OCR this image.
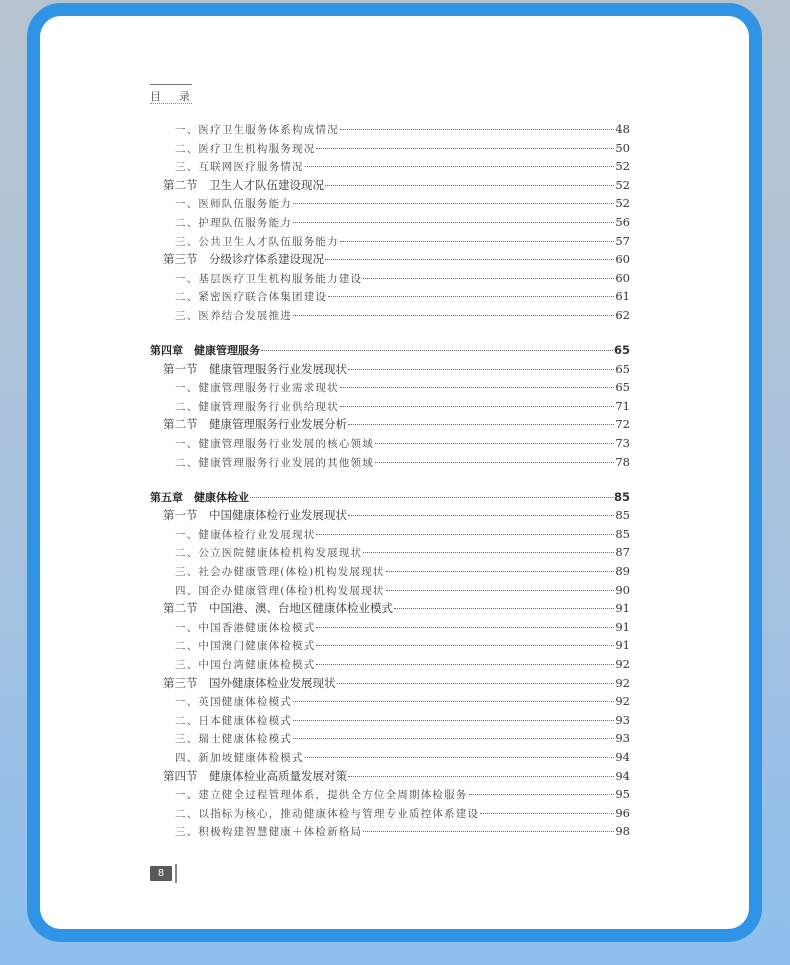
目 录
一、医疗卫生服务体系构成情况	48
二、医疗卫生机构服务现况	50
三、互联网医疗服务情况	52
第二节　卫生人才队伍建设现况	52
一、医师队伍服务能力	52
二、护理队伍服务能力	56
三、公共卫生人才队伍服务能力	57
第三节　分级诊疗体系建设现况	60
一、基层医疗卫生机构服务能力建设	60
二、紧密医疗联合体集团建设	61
三、医养结合发展推进	62
第四章　健康管理服务	65
第一节　健康管理服务行业发展现状	65
一、健康管理服务行业需求现状	65
二、健康管理服务行业供给现状	71
第二节　健康管理服务行业发展分析	72
一、健康管理服务行业发展的核心领域	73
二、健康管理服务行业发展的其他领域	78
第五章　健康体检业	85
第一节　中国健康体检行业发展现状	85
一、健康体检行业发展现状	85
二、公立医院健康体检机构发展现状	87
三、社会办健康管理(体检)机构发展现状	89
四、国企办健康管理(体检)机构发展现状	90
第二节　中国港、澳、台地区健康体检业模式	91
一、中国香港健康体检模式	91
二、中国澳门健康体检模式	91
三、中国台湾健康体检模式	92
第三节　国外健康体检业发展现状	92
一、英国健康体检模式	92
二、日本健康体检模式	93
三、瑞士健康体检模式	93
四、新加坡健康体检模式	94
第四节　健康体检业高质量发展对策	94
一、建立健全过程管理体系，提供全方位全周期体检服务	95
二、以指标为核心，推动健康体检与管理专业质控体系建设	96
三、积极构建智慧健康＋体检新格局	98
8
